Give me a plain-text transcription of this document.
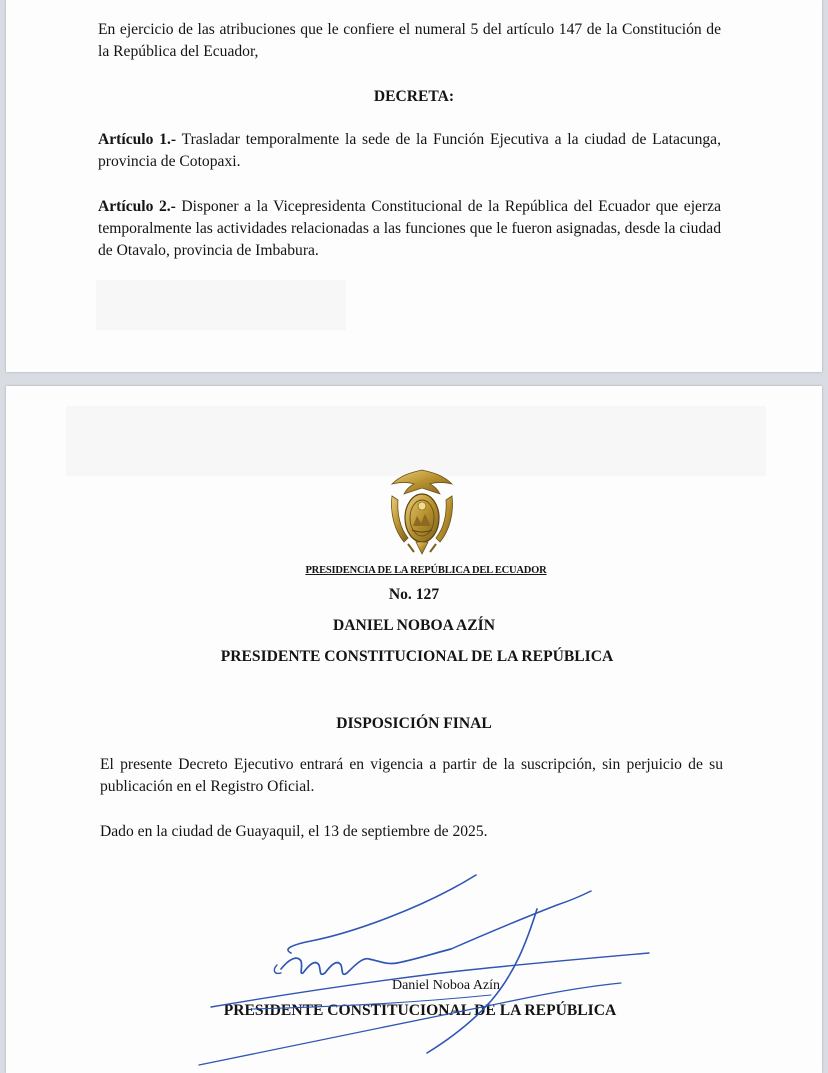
En ejercicio de las atribuciones que le confiere el numeral 5 del artículo 147 de la Constitución de la República del Ecuador,

DECRETA:

Artículo 1.- Trasladar temporalmente la sede de la Función Ejecutiva a la ciudad de Latacunga, provincia de Cotopaxi.

Artículo 2.- Disponer a la Vicepresidenta Constitucional de la República del Ecuador que ejerza temporalmente las actividades relacionadas a las funciones que le fueron asignadas, desde la ciudad de Otavalo, provincia de Imbabura.

PRESIDENCIA DE LA REPÚBLICA DEL ECUADOR

No. 127

DANIEL NOBOA AZÍN

PRESIDENTE CONSTITUCIONAL DE LA REPÚBLICA

DISPOSICIÓN FINAL

El presente Decreto Ejecutivo entrará en vigencia a partir de la suscripción, sin perjuicio de su publicación en el Registro Oficial.

Dado en la ciudad de Guayaquil, el 13 de septiembre de 2025.

Daniel Noboa Azín

PRESIDENTE CONSTITUCIONAL DE LA REPÚBLICA
